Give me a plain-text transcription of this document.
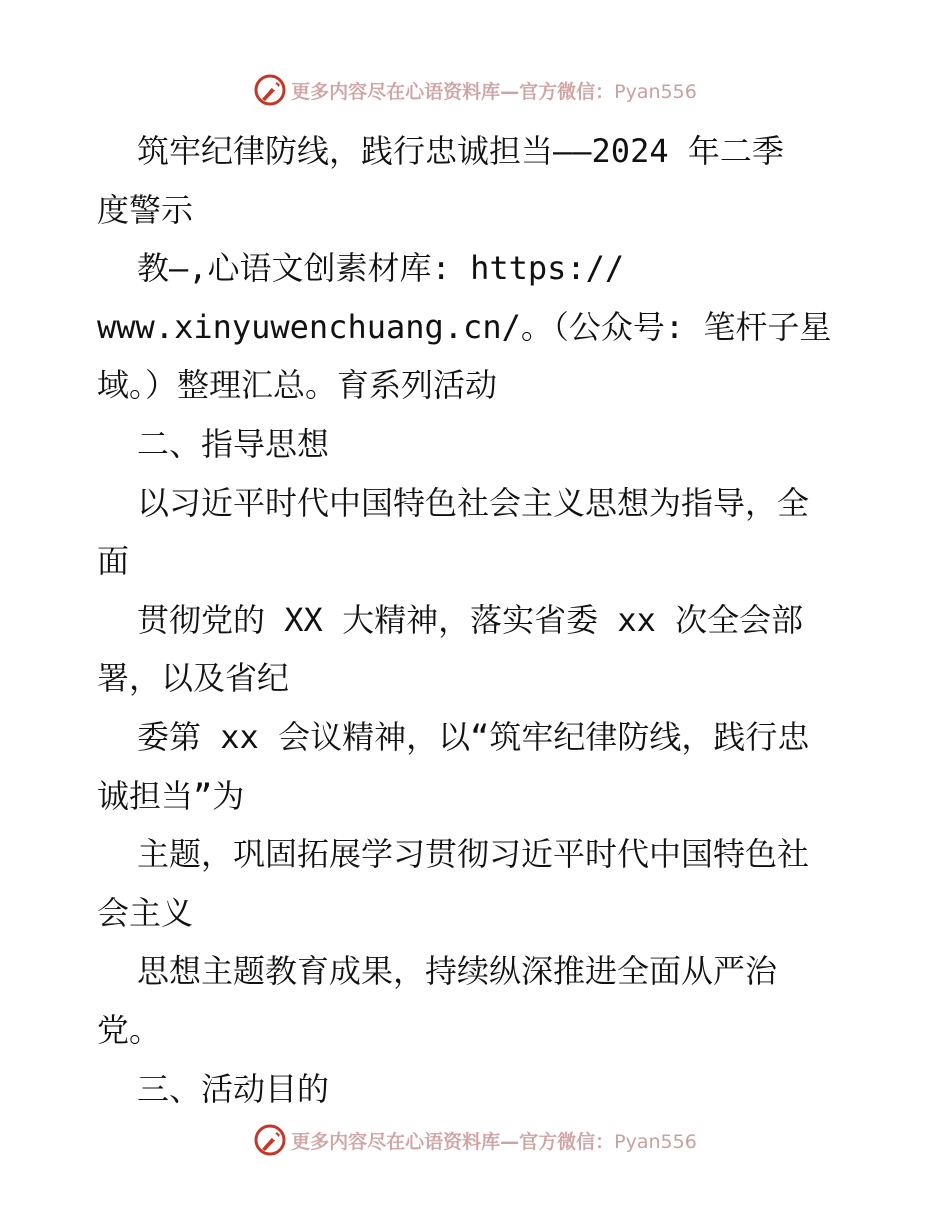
更多内容尽在心语资料库—官方微信：Pyan556
筑牢纪律防线，践行忠诚担当——2024 年二季
度警示
教—,心语文创素材库: https://
www.xinyuwenchuang.cn/。（公众号: 笔杆子星
域。）整理汇总。育系列活动
二、指导思想
以习近平时代中国特色社会主义思想为指导，全
面
贯彻党的 XX 大精神，落实省委 xx 次全会部
署，以及省纪
委第 xx 会议精神，以“筑牢纪律防线，践行忠
诚担当”为
主题，巩固拓展学习贯彻习近平时代中国特色社
会主义
思想主题教育成果，持续纵深推进全面从严治
党。
三、活动目的
更多内容尽在心语资料库—官方微信：Pyan556
